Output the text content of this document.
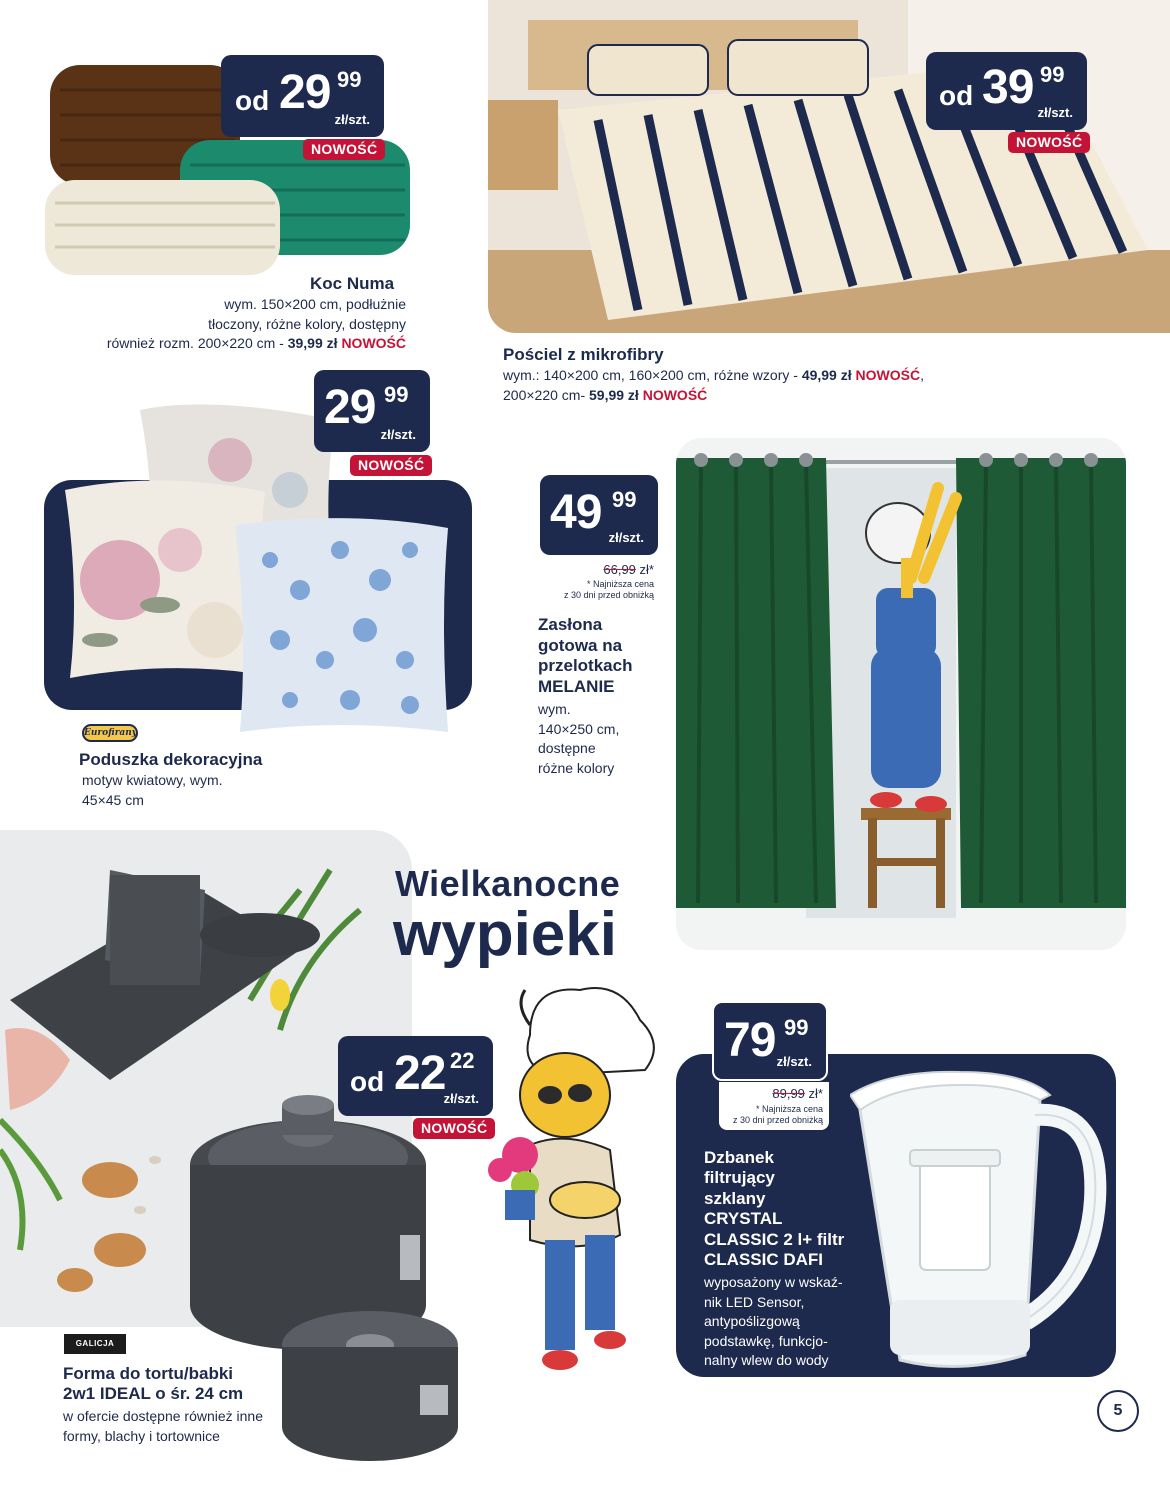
od 29 99
zł/szt.
NOWOŚĆ
Koc Numa
wym. 150×200 cm, podłużnie
tłoczony, różne kolory, dostępny
również rozm. 200×220 cm - 39,99 zł NOWOŚĆ
od 39 99
zł/szt.
NOWOŚĆ
Pościel z mikrofibry
wym.: 140×200 cm, 160×200 cm, różne wzory - 49,99 zł NOWOŚĆ,
200×220 cm- 59,99 zł NOWOŚĆ
29 99
zł/szt.
NOWOŚĆ
Eurofirany
Poduszka dekoracyjna
motyw kwiatowy, wym.
45×45 cm
49 99
zł/szt.
66,99 zł*
* Najniższa cena
z 30 dni przed obniżką
Zasłona
gotowa na
przelotkach
MELANIE
wym.
140×250 cm,
dostępne
różne kolory
Wielkanocne
wypieki
od 22 22
zł/szt.
NOWOŚĆ
GALICJA
Forma do tortu/babki
2w1 IDEAL o śr. 24 cm
w ofercie dostępne również inne
formy, blachy i tortownice
79 99
zł/szt.
89,99 zł*
* Najniższa cena
z 30 dni przed obniżką
Dzbanek
filtrujący
szklany
CRYSTAL
CLASSIC 2 l+ filtr
CLASSIC DAFI
wyposażony w wskaź-
nik LED Sensor,
antypoślizgową
podstawkę, funkcjo-
nalny wlew do wody
5
